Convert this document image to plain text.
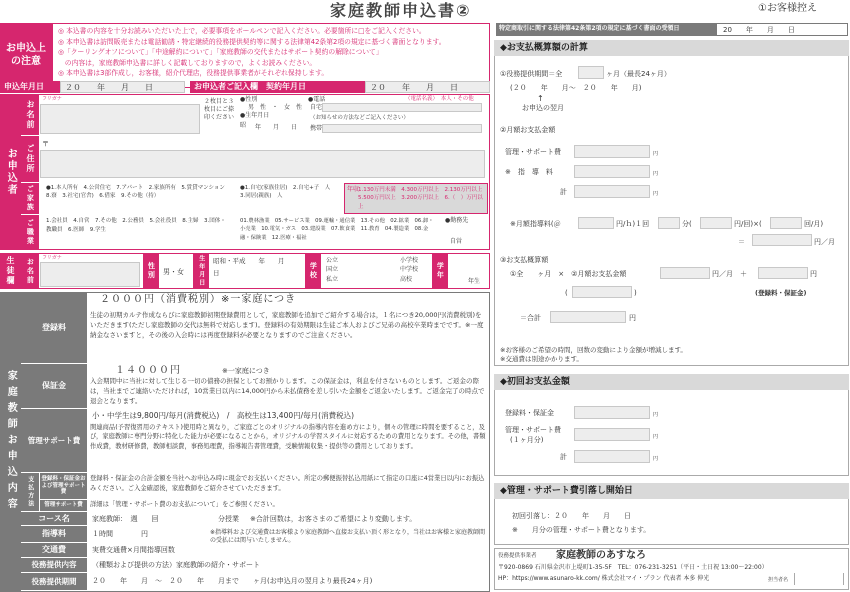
家庭教師申込書②	①お客様控え
お申込上
の注意
◎ 本込書の内容を十分お読みいただいた上で，必要事項をボールペンで記入ください。必要箇所に□をご記入ください。
◎ 本申込書は訪問販売または電話勧誘・特定継続的役務提供契約等に関する法律第42条第2項の規定に基づく書面となります。
◎「クーリングオフについて」「中途解約について」「家庭教師の交代またはサポート契約の解除について」
　の内容は，家庭教師申込書に詳しく記載しておりますので，よくお読みください。
◎ 本申込書は3部作成し，お客様，紹介代理店，役務提供事業者がそれぞれ保持します。
申込年月日	２０　　年　　月　　日	お申込者ご記入欄　契約年月日	２０　　年　　月　　日
お申込者
お名前
フリガナ	２枚目と３枚目にご捺印ください
●性別
男　性　・　女　性
●生年月日
昭 年　　月　　日
●電話	（電話名義）　本人・その他
自宅
（お知らせの方法などご記入ください）
携帯
ご住所	〒
ご家族	●1.本人所有　4.公営住宅　7.アパート　2.家族所有　5.賃貸マンション　8.寮　3.社宅(官舎)　6.借家　9.その他（持）
●1.自宅(家族住居)　2.自宅+子　人　3.同居(親族)　人
年収
1.130万円未満　4.300万円以上　2.130万円以上　5.500万円以上　3.200万円以上　6.（　）万円以上
ご職業	1.会社員　4.自営　7.その他　2.公務員　5.会社役員　8.主婦　3.団体・教職員　6.医師　9.学生
01.農林漁業　05.サービス業　09.運輸・通信業　13.その他　02.鉱業　06.卸・小売業　10.電気・ガス　03.建設業　07.飲食業　11.教育　04.製造業　08.金融・保険業　12.医療・福祉
●勤務先
自営
生徒欄	お名前	フリガナ
性別	男・女	生年月日	昭和・平成　　年　　月　　日	学校
公立
国立
私立
小学校
中学校
高校	学年
年生
家庭教師お申込内容
登録料
２０００円（消費税別）※一家庭につき
生徒の初期カルテ作成ならびに家庭教師初期登録費用として，家庭教師を追加でご紹介する場合は，１名につき20,000円(消費税別)をいただきます(ただし家庭教師の交代は無料で対応します)。登録料の有効期限は生徒ご本人およびご兄弟の高校卒業時までです。※一度納金なさいますと，その後の入会時には再度登録料が必要となりますのでご注意ください。
保証金
１４０００円	※一家庭につき
入会期間中に当社に対して生じる一切の債務の担保としてお預かりします。この保証金は，利息を付さないものとします。ご返金の際は，当社までご連絡いただければ，10営業日以内に14,000円から未払債務を差し引いた金額をご返金いたします。ご返金完了の時点で退会となります。
管理サポート費
小・中学生は9,800円/毎月(消費税込)　/　高校生は13,400円/毎月(消費税込)
関連商品(予習復習用のテキスト)使用時と異なり，ご家庭ごとのオリジナルの指導内容を進め方により，個々の管理に時間を要すること，及び，家庭教師に専門分野に特化した能力が必要になることから，オリジナルの学習スタイルに対応するための費用となります。その他，書類作成費，教材研修費，教師相談費，事務処理費，指導報告書管理費，受験情報収集・提供等の費用としております。
支払方法	登録料・保証金および管理サポート費
登録料・保証金の合計金額を当社へお申込み時に現金でお支払いください。所定の郵便振替払込用紙にて指定の口座に4営業日以内にお振込みください。ご入金確認後，家庭教師をご紹介させていただきます。
管理サポート費	詳細は「管理・サポート費のお支払について」をご参照ください。
コース名	家庭教師：　週　　回	分授業 ※合計回数は，お客さまのご希望により変動します。
指導料	１時間　　　　円	※指導料および交通費はお客様より家庭教師へ直接お支払い頂く形となり，当社はお客様と家庭教師間の受払には関与いたしません。
交通費	実費交通費×月間指導回数
役務提供内容	（種類および提供の方法）家庭教師の紹介・サポート
役務提供期間	２０　　年　　月　～　２０　　年　　月まで　　ヶ月(お申込月の翌月より最長24ヶ月)
特定商取引に関する法律第42条第2項の規定に基づく書面の受領日	20　　年　　月　　日
◆お支払概算額の計算
①役務提供期間＝全	ヶ月（最長24ヶ月）
(２０　　年　　月～　２０　　年　　月)
↑
お申込の翌月
②月額お支払金額
管理・サポート費	円
※　指　導　料	円
計	円
※月額指導料(＠	円/ｈ)１回	分(	円/回)×(	回/月)
＝	円／月
③お支払概算額
①全　　ヶ月　×　②月額お支払金額	円／月　＋	円
(	)	(登録料・保証金)
＝合計	円
※お客様のご希望の時間，回数の変動により金額が増減します。
※交通費は別途かかります。
◆初回お支払金額
登録料・保証金	円
管理・サポート費
(１ヶ月分)	円
計	円
◆管理・サポート費引落し開始日
初回引落し：２０　　年　　月　　日
※　　月分の管理・サポート費となります。
役務提供事業者 家庭教師のあすなろ
〒920-0869 石川県金沢市上堤町1-35-5F　TEL：076-231-3251（平日・土日祝 13:00～22:00）
HP：https://www.asunaro-kk.com/ 株式会社マイ・プラン 代表者 本多 伸光	担当者名
